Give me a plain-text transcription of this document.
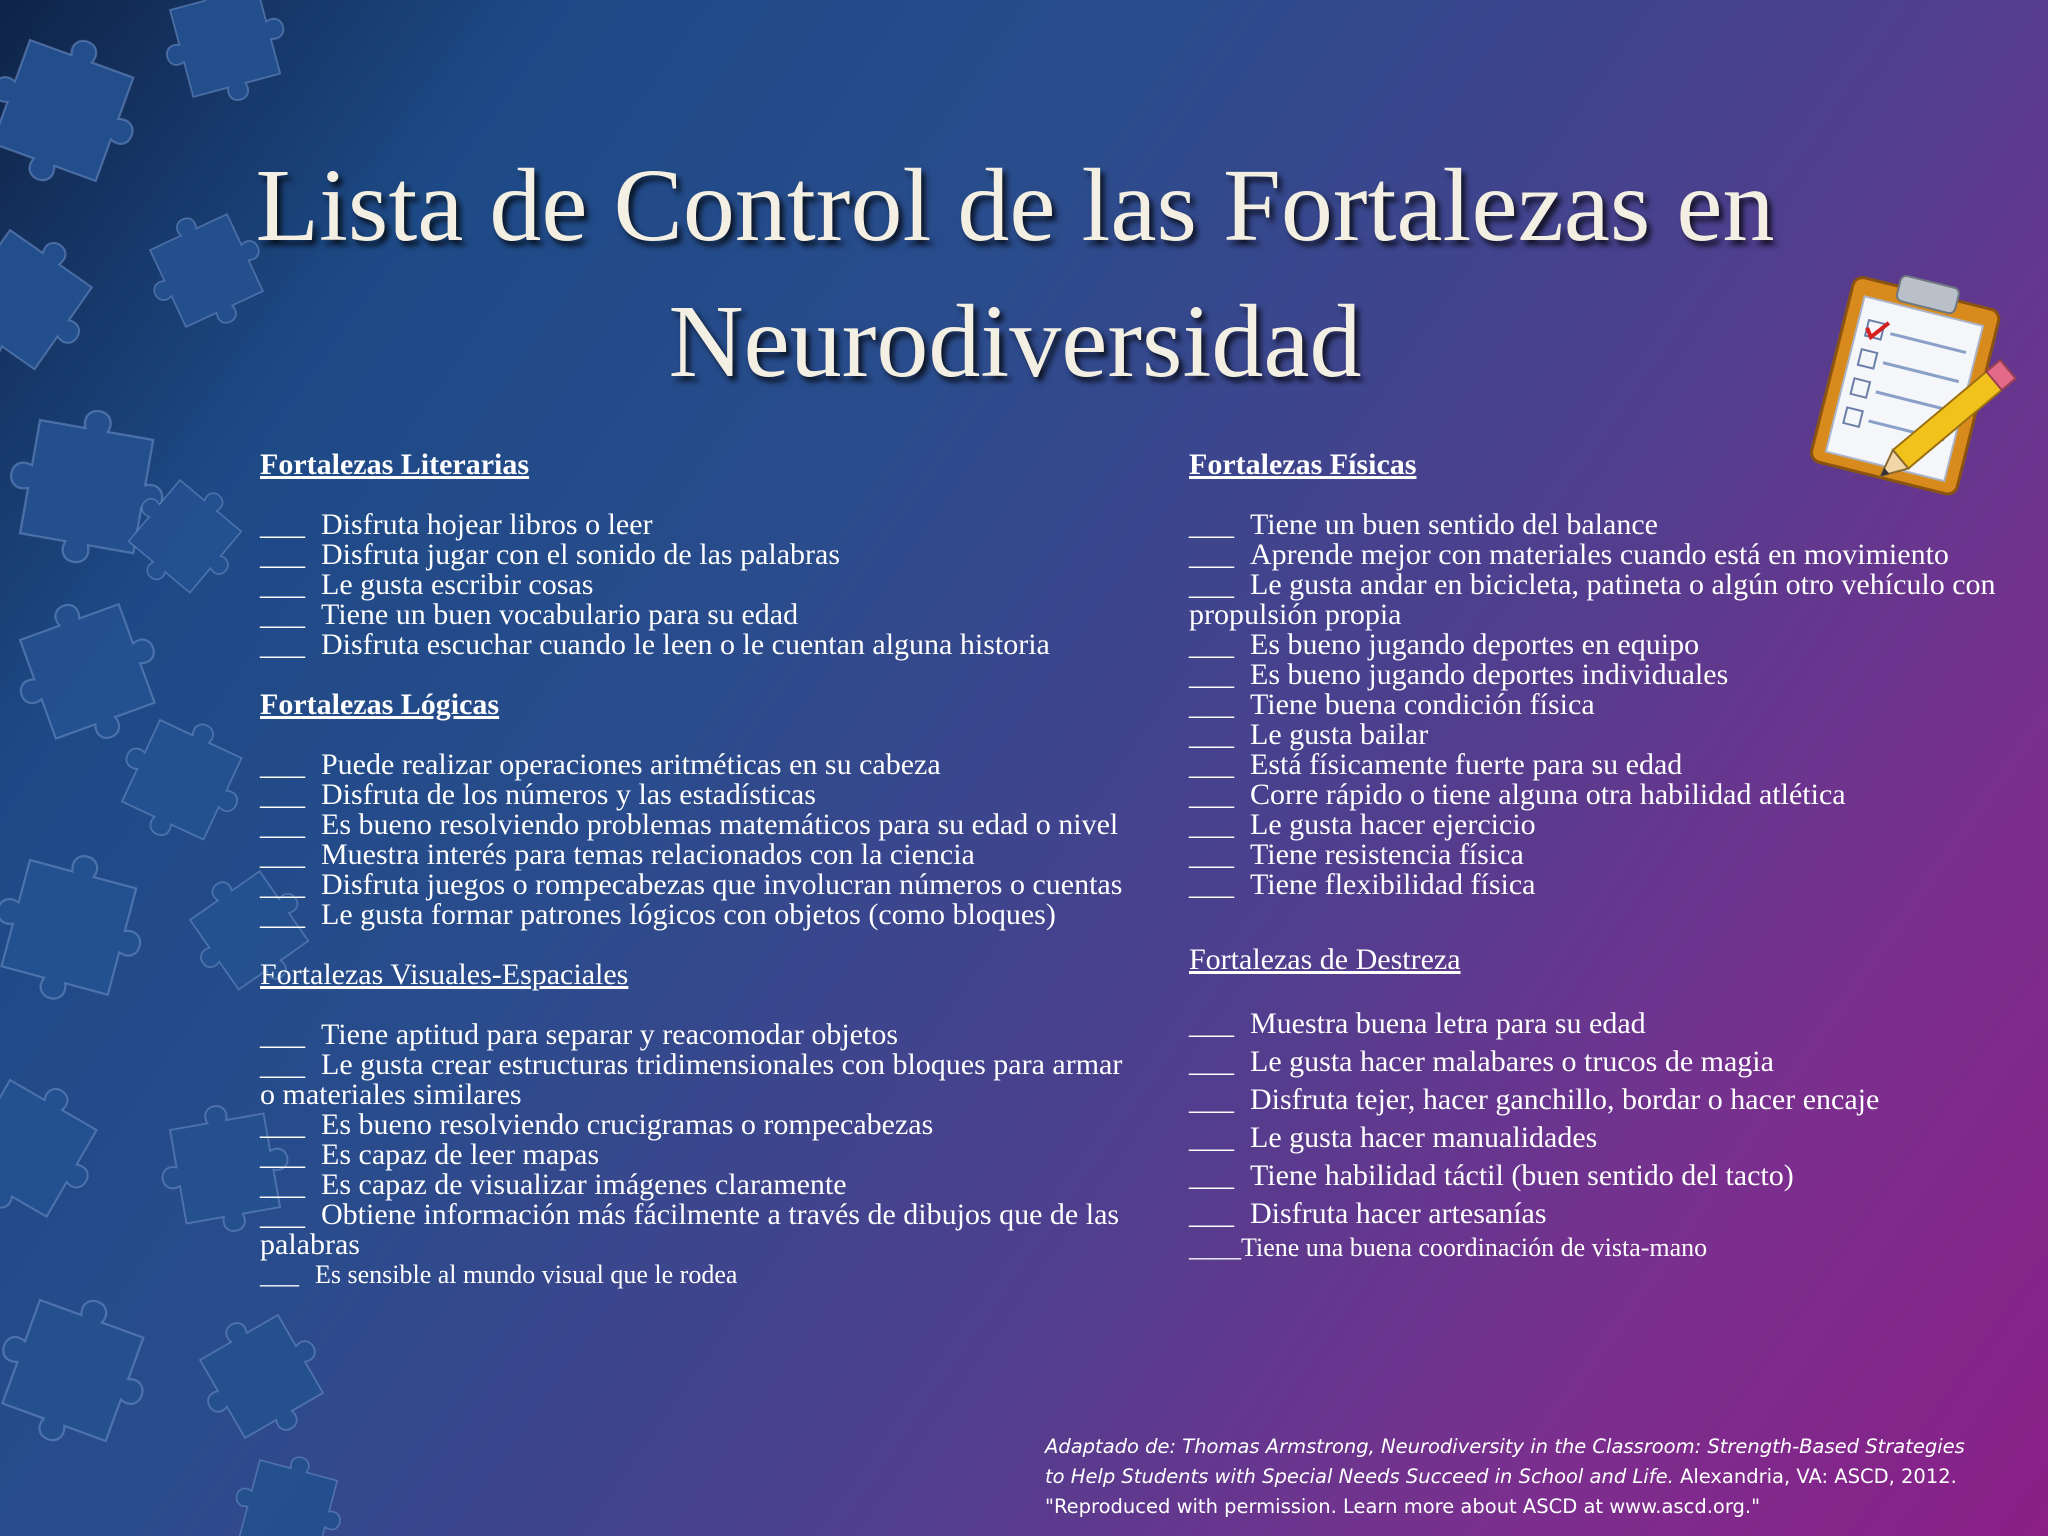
Lista de Control de las Fortalezas en
Neurodiversidad
Fortalezas Literarias
___ Disfruta hojear libros o leer
___ Disfruta jugar con el sonido de las palabras
___ Le gusta escribir cosas
___ Tiene un buen vocabulario para su edad
___ Disfruta escuchar cuando le leen o le cuentan alguna historia
Fortalezas Lógicas
___ Puede realizar operaciones aritméticas en su cabeza
___ Disfruta de los números y las estadísticas
___ Es bueno resolviendo problemas matemáticos para su edad o nivel
___ Muestra interés para temas relacionados con la ciencia
___ Disfruta juegos o rompecabezas que involucran números o cuentas
___ Le gusta formar patrones lógicos con objetos (como bloques)
Fortalezas Visuales-Espaciales
___ Tiene aptitud para separar y reacomodar objetos
___ Le gusta crear estructuras tridimensionales con bloques para armar o materiales similares
___ Es bueno resolviendo crucigramas o rompecabezas
___ Es capaz de leer mapas
___ Es capaz de visualizar imágenes claramente
___ Obtiene información más fácilmente a través de dibujos que de las palabras
___ Es sensible al mundo visual que le rodea
Fortalezas Físicas
___ Tiene un buen sentido del balance
___ Aprende mejor con materiales cuando está en movimiento
___ Le gusta andar en bicicleta, patineta o algún otro vehículo con propulsión propia
___ Es bueno jugando deportes en equipo
___ Es bueno jugando deportes individuales
___ Tiene buena condición física
___ Le gusta bailar
___ Está físicamente fuerte para su edad
___ Corre rápido o tiene alguna otra habilidad atlética
___ Le gusta hacer ejercicio
___ Tiene resistencia física
___ Tiene flexibilidad física
Fortalezas de Destreza
___ Muestra buena letra para su edad
___ Le gusta hacer malabares o trucos de magia
___ Disfruta tejer, hacer ganchillo, bordar o hacer encaje
___ Le gusta hacer manualidades
___ Tiene habilidad táctil (buen sentido del tacto)
___ Disfruta hacer artesanías
____Tiene una buena coordinación de vista-mano
Adaptado de: Thomas Armstrong, Neurodiversity in the Classroom: Strength-Based Strategies
to Help Students with Special Needs Succeed in School and Life. Alexandria, VA: ASCD, 2012.
"Reproduced with permission. Learn more about ASCD at www.ascd.org."
